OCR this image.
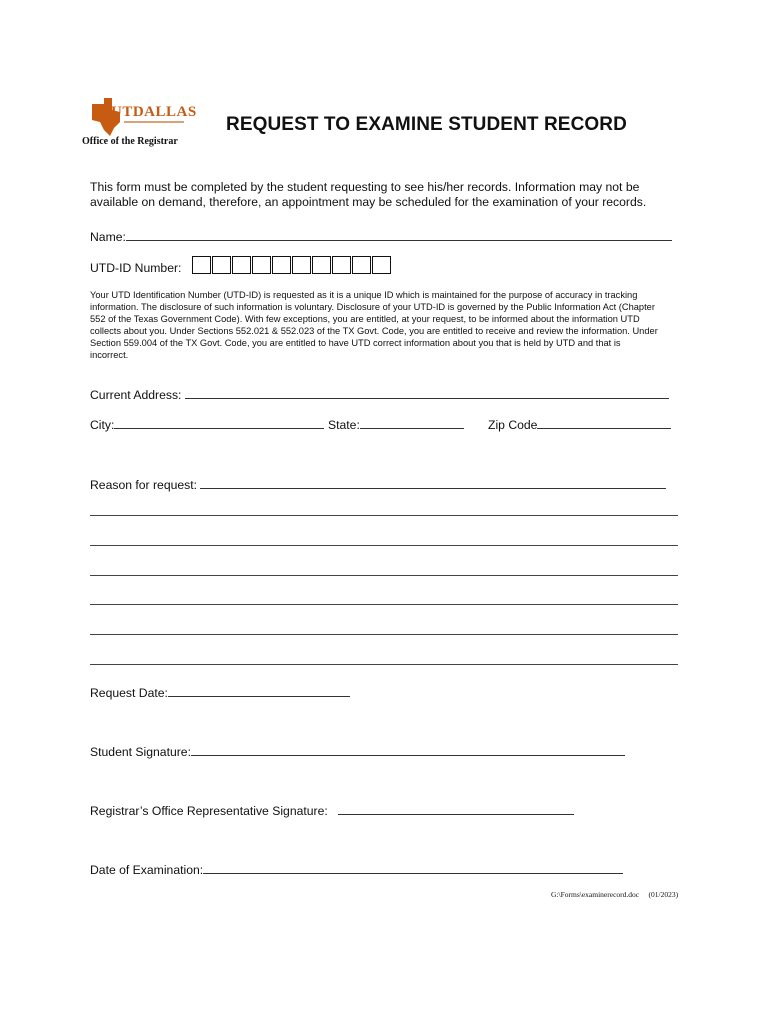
UTDALLAS
Office of the Registrar
REQUEST TO EXAMINE STUDENT RECORD
This form must be completed by the student requesting to see his/her records. Information may not be available on demand, therefore, an appointment may be scheduled for the examination of your records.
Name:
UTD-ID Number:
Your UTD Identification Number (UTD-ID) is requested as it is a unique ID which is maintained for the purpose of accuracy in tracking information. The disclosure of such information is voluntary. Disclosure of your UTD-ID is governed by the Public Information Act (Chapter 552 of the Texas Government Code). With few exceptions, you are entitled, at your request, to be informed about the information UTD collects about you. Under Sections 552.021 & 552.023 of the TX Govt. Code, you are entitled to receive and review the information. Under Section 559.004 of the TX Govt. Code, you are entitled to have UTD correct information about you that is held by UTD and that is incorrect.
Current Address:
City:	State:	Zip Code
Reason for request:
Request Date:
Student Signature:
Registrar’s Office Representative Signature:
Date of Examination:
G:\Forms\examinerecord.doc (01/2023)
